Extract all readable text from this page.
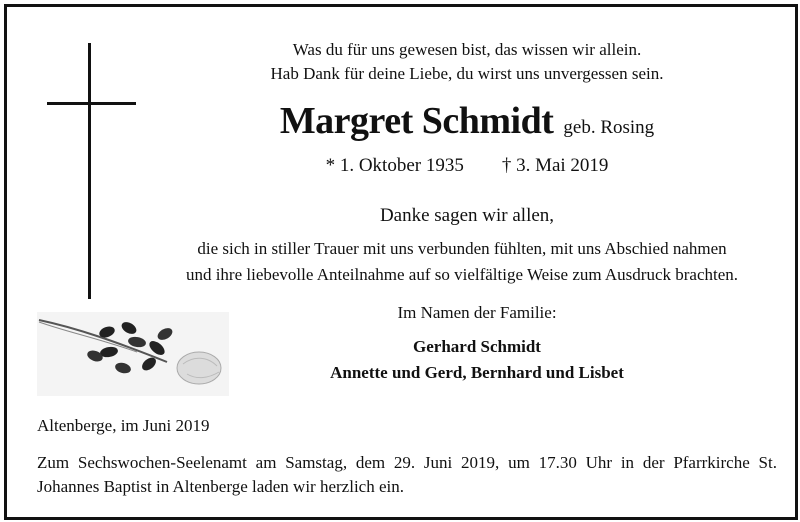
Was du für uns gewesen bist, das wissen wir allein.
Hab Dank für deine Liebe, du wirst uns unvergessen sein.
Margret Schmidt geb. Rosing
* 1. Oktober 1935 † 3. Mai 2019
Danke sagen wir allen,
die sich in stiller Trauer mit uns verbunden fühlten, mit uns Abschied nahmen
und ihre liebevolle Anteilnahme auf so vielfältige Weise zum Ausdruck brachten.
Im Namen der Familie:
Gerhard Schmidt
Annette und Gerd, Bernhard und Lisbet
Altenberge, im Juni 2019
Zum Sechswochen-Seelenamt am Samstag, dem 29. Juni 2019, um 17.30 Uhr in der Pfarrkirche St. Johannes Baptist in Altenberge laden wir herzlich ein.
